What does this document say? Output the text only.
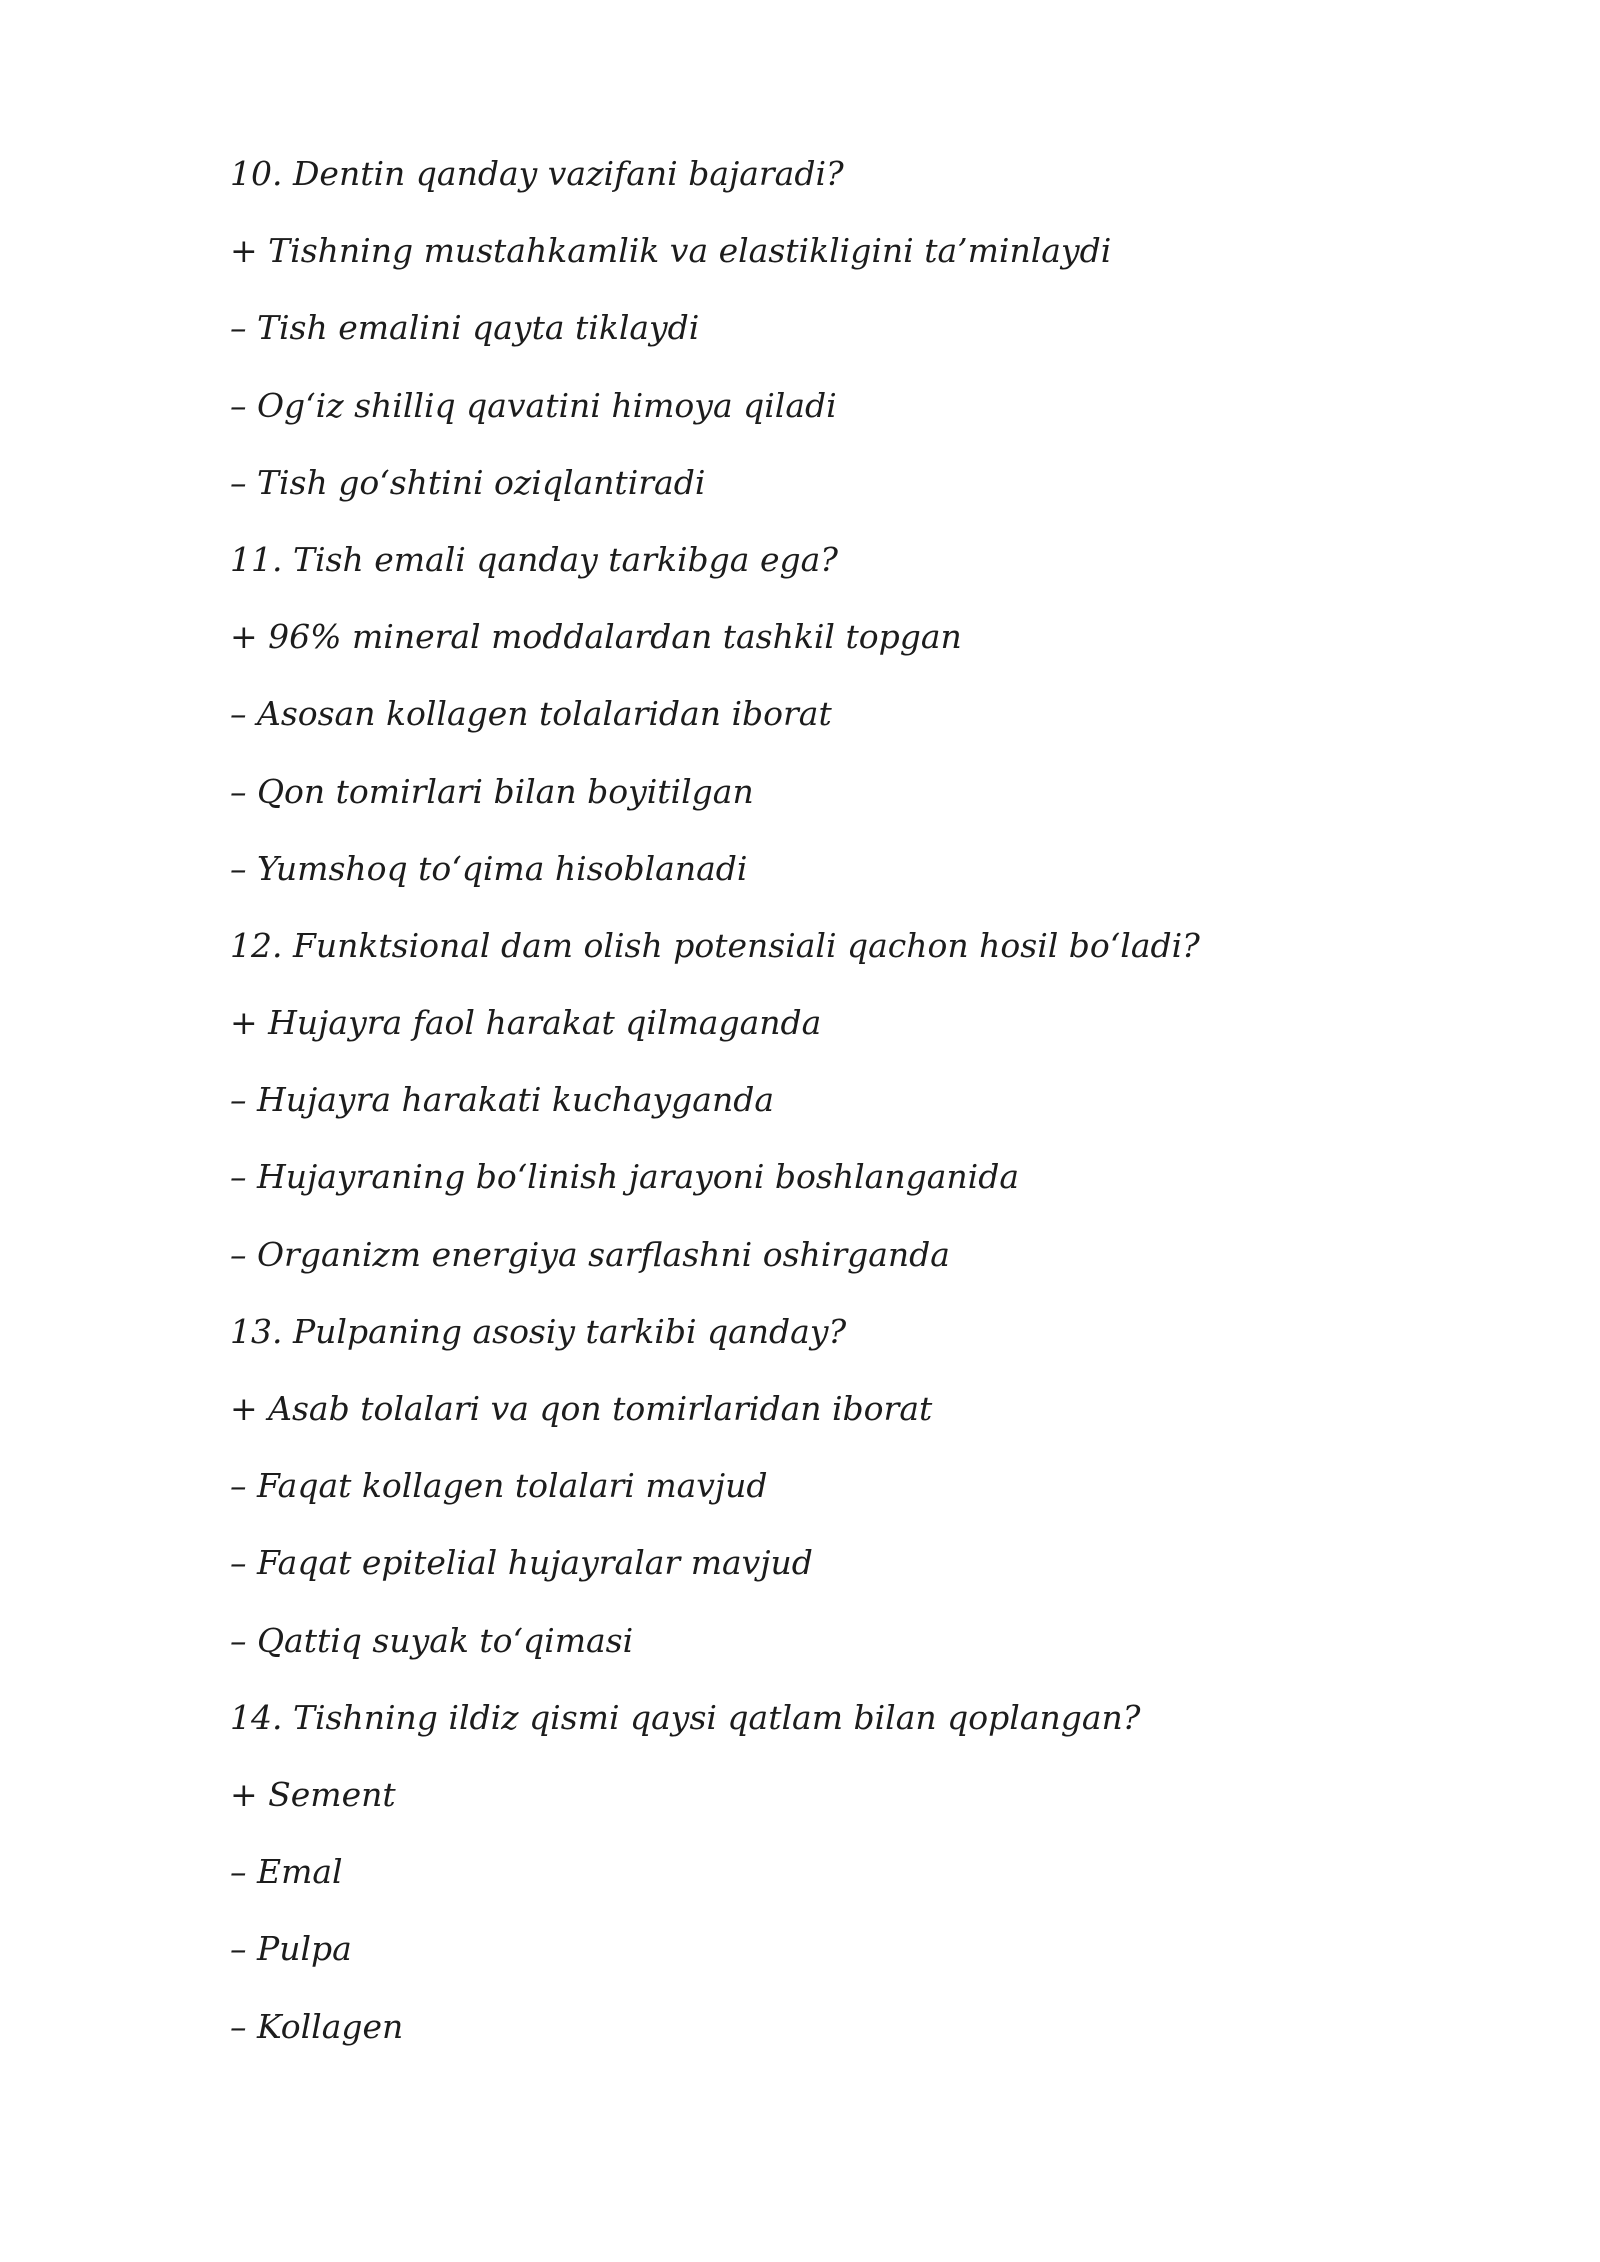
10. Dentin qanday vazifani bajaradi?
+ Tishning mustahkamlik va elastikligini ta’minlaydi
– Tish emalini qayta tiklaydi
– Og‘iz shilliq qavatini himoya qiladi
– Tish go‘shtini oziqlantiradi
11. Tish emali qanday tarkibga ega?
+ 96% mineral moddalardan tashkil topgan
– Asosan kollagen tolalaridan iborat
– Qon tomirlari bilan boyitilgan
– Yumshoq to‘qima hisoblanadi
12. Funktsional dam olish potensiali qachon hosil bo‘ladi?
+ Hujayra faol harakat qilmaganda
– Hujayra harakati kuchayganda
– Hujayraning bo‘linish jarayoni boshlanganida
– Organizm energiya sarflashni oshirganda
13. Pulpaning asosiy tarkibi qanday?
+ Asab tolalari va qon tomirlaridan iborat
– Faqat kollagen tolalari mavjud
– Faqat epitelial hujayralar mavjud
– Qattiq suyak to‘qimasi
14. Tishning ildiz qismi qaysi qatlam bilan qoplangan?
+ Sement
– Emal
– Pulpa
– Kollagen
